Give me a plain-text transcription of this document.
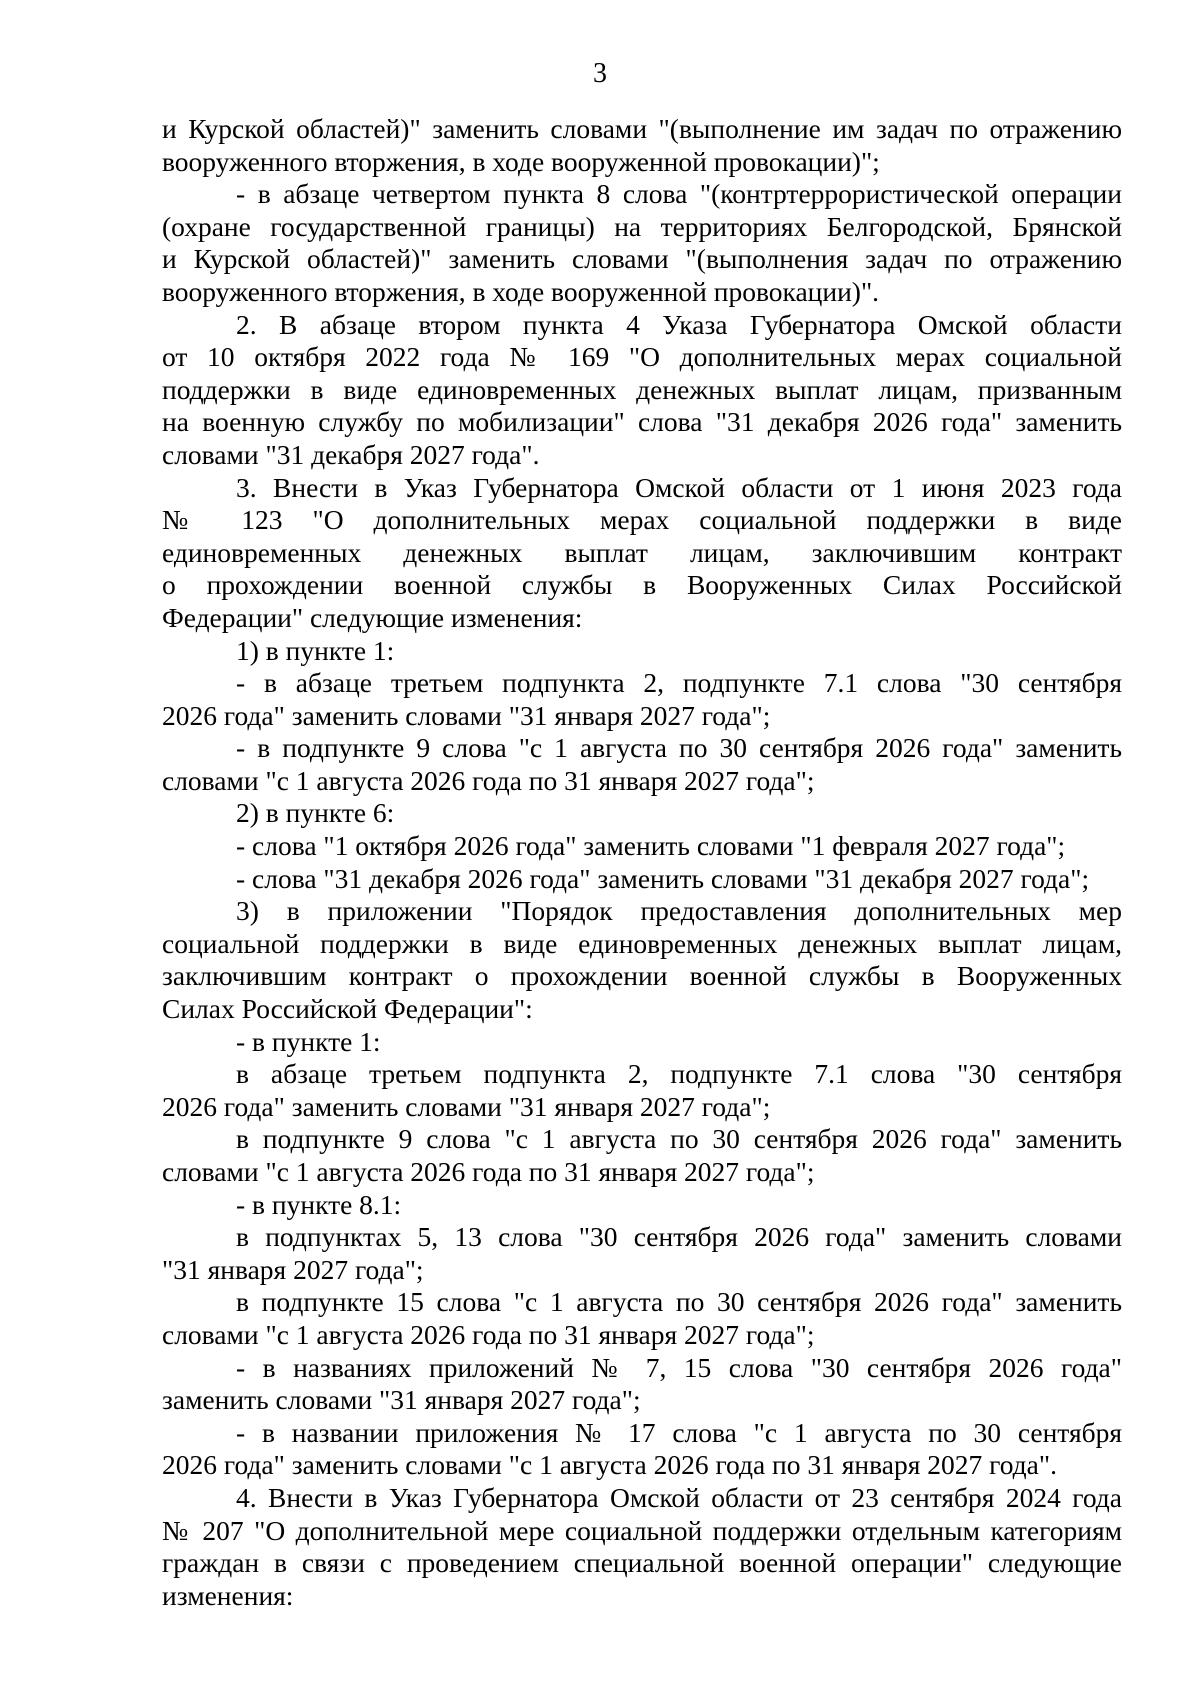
3
и Курской областей)" заменить словами "(выполнение им задач по отражению
вооруженного вторжения, в ходе вооруженной провокации)";
- в абзаце четвертом пункта 8 слова "(контртеррористической операции
(охране государственной границы) на территориях Белгородской, Брянской
и Курской областей)" заменить словами "(выполнения задач по отражению
вооруженного вторжения, в ходе вооруженной провокации)".
2. В абзаце втором пункта 4 Указа Губернатора Омской области
от 10 октября 2022 года № 169 "О дополнительных мерах социальной
поддержки в виде единовременных денежных выплат лицам, призванным
на военную службу по мобилизации" слова "31 декабря 2026 года" заменить
словами "31 декабря 2027 года".
3. Внести в Указ Губернатора Омской области от 1 июня 2023 года
№ 123 "О дополнительных мерах социальной поддержки в виде
единовременных денежных выплат лицам, заключившим контракт
о прохождении военной службы в Вооруженных Силах Российской
Федерации" следующие изменения:
1) в пункте 1:
- в абзаце третьем подпункта 2, подпункте 7.1 слова "30 сентября
2026 года" заменить словами "31 января 2027 года";
- в подпункте 9 слова "с 1 августа по 30 сентября 2026 года" заменить
словами "с 1 августа 2026 года по 31 января 2027 года";
2) в пункте 6:
- слова "1 октября 2026 года" заменить словами "1 февраля 2027 года";
- слова "31 декабря 2026 года" заменить словами "31 декабря 2027 года";
3) в приложении "Порядок предоставления дополнительных мер
социальной поддержки в виде единовременных денежных выплат лицам,
заключившим контракт о прохождении военной службы в Вооруженных
Силах Российской Федерации":
- в пункте 1:
в абзаце третьем подпункта 2, подпункте 7.1 слова "30 сентября
2026 года" заменить словами "31 января 2027 года";
в подпункте 9 слова "с 1 августа по 30 сентября 2026 года" заменить
словами "с 1 августа 2026 года по 31 января 2027 года";
- в пункте 8.1:
в подпунктах 5, 13 слова "30 сентября 2026 года" заменить словами
"31 января 2027 года";
в подпункте 15 слова "с 1 августа по 30 сентября 2026 года" заменить
словами "с 1 августа 2026 года по 31 января 2027 года";
- в названиях приложений № 7, 15 слова "30 сентября 2026 года"
заменить словами "31 января 2027 года";
- в названии приложения № 17 слова "с 1 августа по 30 сентября
2026 года" заменить словами "с 1 августа 2026 года по 31 января 2027 года".
4. Внести в Указ Губернатора Омской области от 23 сентября 2024 года
№ 207 "О дополнительной мере социальной поддержки отдельным категориям
граждан в связи с проведением специальной военной операции" следующие
изменения:
